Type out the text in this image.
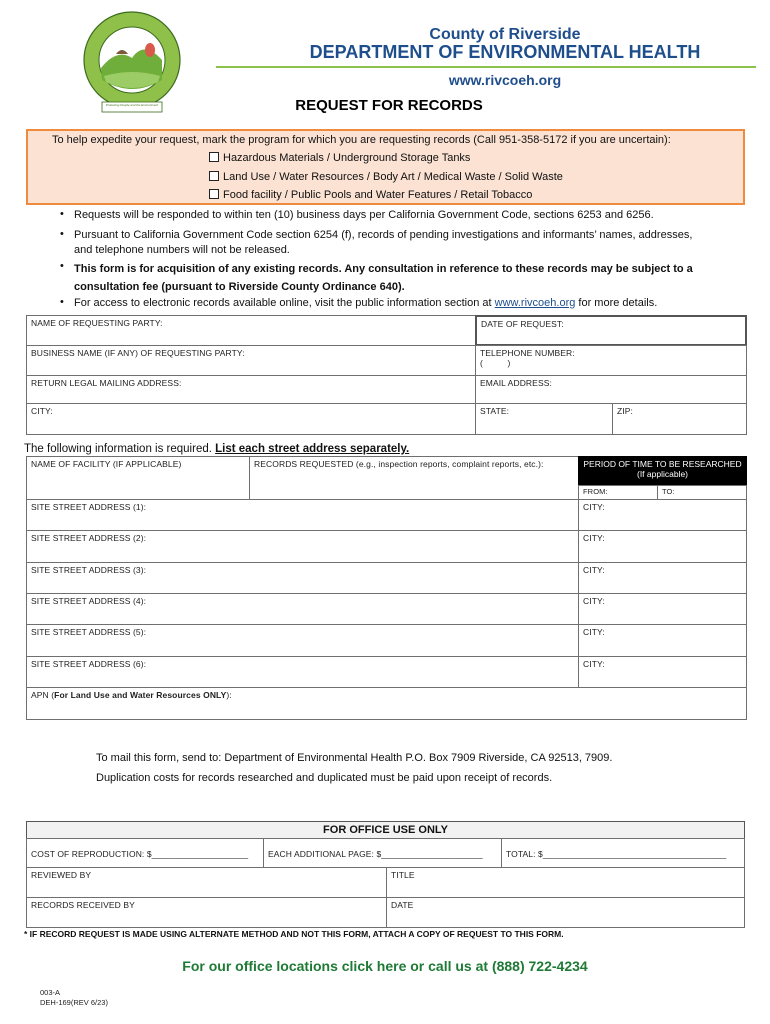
Protecting People and the Environment
County of Riverside
DEPARTMENT OF ENVIRONMENTAL HEALTH
www.rivcoeh.org
REQUEST FOR RECORDS
To help expedite your request, mark the program for which you are requesting records (Call 951-358-5172 if you are uncertain):
Hazardous Materials / Underground Storage Tanks
Land Use / Water Resources / Body Art / Medical Waste / Solid Waste
Food facility / Public Pools and Water Features / Retail Tobacco
• Requests will be responded to within ten (10) business days per California Government Code, sections 6253 and 6256.
• Pursuant to California Government Code section 6254 (f), records of pending investigations and informants’ names, addresses,
and telephone numbers will not be released.
• This form is for acquisition of any existing records. Any consultation in reference to these records may be subject to a
consultation fee (pursuant to Riverside County Ordinance 640).
• For access to electronic records available online, visit the public information section at www.rivcoeh.org for more details.
NAME OF REQUESTING PARTY:	DATE OF REQUEST:
BUSINESS NAME (IF ANY) OF REQUESTING PARTY:	TELEPHONE NUMBER:
(          )
RETURN LEGAL MAILING ADDRESS:	EMAIL ADDRESS:
CITY:	STATE:	ZIP:
The following information is required. List each street address separately.
NAME OF FACILITY (IF APPLICABLE)	RECORDS REQUESTED (e.g., inspection reports, complaint reports, etc.):	PERIOD OF TIME TO BE RESEARCHED
(If applicable)
FROM:	TO:
SITE STREET ADDRESS (1):	CITY:
SITE STREET ADDRESS (2):	CITY:
SITE STREET ADDRESS (3):	CITY:
SITE STREET ADDRESS (4):	CITY:
SITE STREET ADDRESS (5):	CITY:
SITE STREET ADDRESS (6):	CITY:
APN (For Land Use and Water Resources ONLY):
To mail this form, send to: Department of Environmental Health P.O. Box 7909 Riverside, CA 92513, 7909.
Duplication costs for records researched and duplicated must be paid upon receipt of records.
FOR OFFICE USE ONLY
COST OF REPRODUCTION: $____________________	EACH ADDITIONAL PAGE: $_____________________	TOTAL: $______________________________________
REVIEWED BY	TITLE
RECORDS RECEIVED BY	DATE
* IF RECORD REQUEST IS MADE USING ALTERNATE METHOD AND NOT THIS FORM, ATTACH A COPY OF REQUEST TO THIS FORM.
For our office locations click here or call us at (888) 722-4234
003-A
DEH-169(REV 6/23)
